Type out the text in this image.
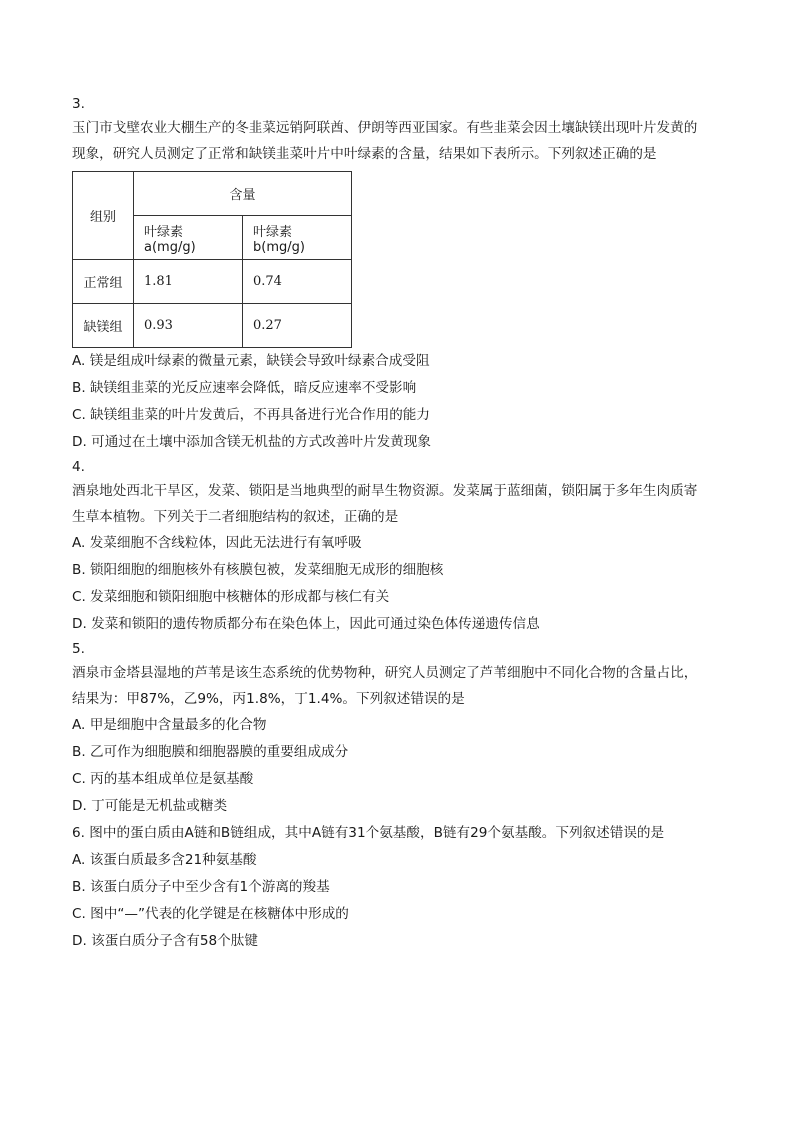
3.
玉门市戈壁农业大棚生产的冬韭菜远销阿联酋、伊朗等西亚国家。有些韭菜会因土壤缺镁出现叶片发黄的
现象，研究人员测定了正常和缺镁韭菜叶片中叶绿素的含量，结果如下表所示。下列叙述正确的是
组别	含量	
	叶绿素a(mg/g)	叶绿素b(mg/g)
正常组	1.81	0.74
缺镁组	0.93	0.27
A. 镁是组成叶绿素的微量元素，缺镁会导致叶绿素合成受阻
B. 缺镁组韭菜的光反应速率会降低，暗反应速率不受影响
C. 缺镁组韭菜的叶片发黄后，不再具备进行光合作用的能力
D. 可通过在土壤中添加含镁无机盐的方式改善叶片发黄现象
4.
酒泉地处西北干旱区，发菜、锁阳是当地典型的耐旱生物资源。发菜属于蓝细菌，锁阳属于多年生肉质寄
生草本植物。下列关于二者细胞结构的叙述，正确的是
A. 发菜细胞不含线粒体，因此无法进行有氧呼吸
B. 锁阳细胞的细胞核外有核膜包被，发菜细胞无成形的细胞核
C. 发菜细胞和锁阳细胞中核糖体的形成都与核仁有关
D. 发菜和锁阳的遗传物质都分布在染色体上，因此可通过染色体传递遗传信息
5.
酒泉市金塔县湿地的芦苇是该生态系统的优势物种，研究人员测定了芦苇细胞中不同化合物的含量占比，
结果为：甲87%，乙9%，丙1.8%，丁1.4%。下列叙述错误的是
A. 甲是细胞中含量最多的化合物
B. 乙可作为细胞膜和细胞器膜的重要组成成分
C. 丙的基本组成单位是氨基酸
D. 丁可能是无机盐或糖类
6. 图中的蛋白质由A链和B链组成，其中A链有31个氨基酸，B链有29个氨基酸。下列叙述错误的是
A. 该蛋白质最多含21种氨基酸
B. 该蛋白质分子中至少含有1个游离的羧基
C. 图中“—”代表的化学键是在核糖体中形成的
D. 该蛋白质分子含有58个肽键
